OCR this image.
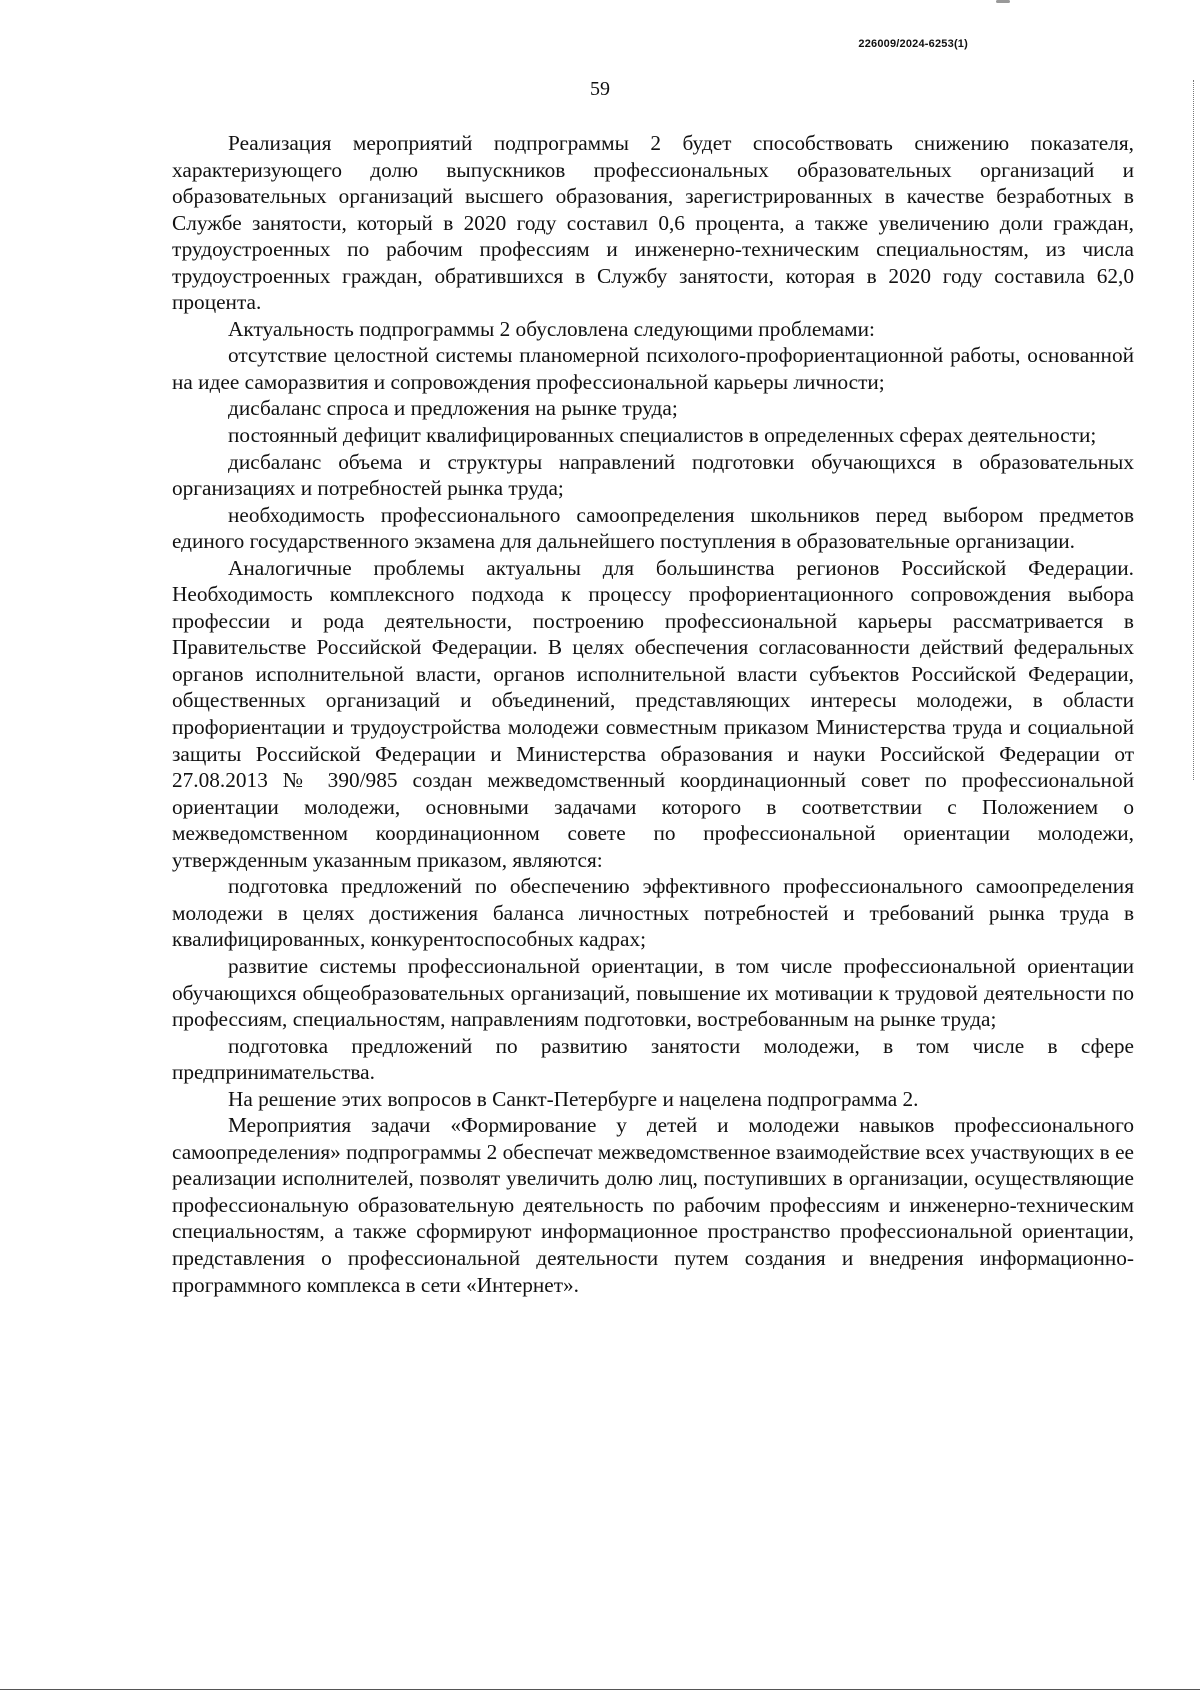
226009/2024-6253(1)
59

Реализация мероприятий подпрограммы 2 будет способствовать снижению показателя, характеризующего долю выпускников профессиональных образовательных организаций и образовательных организаций высшего образования, зарегистрированных в качестве безработных в Службе занятости, который в 2020 году составил 0,6 процента, а также увеличению доли граждан, трудоустроенных по рабочим профессиям и инженерно-техническим специальностям, из числа трудоустроенных граждан, обратившихся в Службу занятости, которая в 2020 году составила 62,0 процента.

Актуальность подпрограммы 2 обусловлена следующими проблемами:

отсутствие целостной системы планомерной психолого-профориентационной работы, основанной на идее саморазвития и сопровождения профессиональной карьеры личности;

дисбаланс спроса и предложения на рынке труда;

постоянный дефицит квалифицированных специалистов в определенных сферах деятельности;

дисбаланс объема и структуры направлений подготовки обучающихся в образовательных организациях и потребностей рынка труда;

необходимость профессионального самоопределения школьников перед выбором предметов единого государственного экзамена для дальнейшего поступления в образовательные организации.

Аналогичные проблемы актуальны для большинства регионов Российской Федерации. Необходимость комплексного подхода к процессу профориентационного сопровождения выбора профессии и рода деятельности, построению профессиональной карьеры рассматривается в Правительстве Российской Федерации. В целях обеспечения согласованности действий федеральных органов исполнительной власти, органов исполнительной власти субъектов Российской Федерации, общественных организаций и объединений, представляющих интересы молодежи, в области профориентации и трудоустройства молодежи совместным приказом Министерства труда и социальной защиты Российской Федерации и Министерства образования и науки Российской Федерации от 27.08.2013 № 390/985 создан межведомственный координационный совет по профессиональной ориентации молодежи, основными задачами которого в соответствии с Положением о межведомственном координационном совете по профессиональной ориентации молодежи, утвержденным указанным приказом, являются:

подготовка предложений по обеспечению эффективного профессионального самоопределения молодежи в целях достижения баланса личностных потребностей и требований рынка труда в квалифицированных, конкурентоспособных кадрах;

развитие системы профессиональной ориентации, в том числе профессиональной ориентации обучающихся общеобразовательных организаций, повышение их мотивации к трудовой деятельности по профессиям, специальностям, направлениям подготовки, востребованным на рынке труда;

подготовка предложений по развитию занятости молодежи, в том числе в сфере предпринимательства.

На решение этих вопросов в Санкт-Петербурге и нацелена подпрограмма 2.

Мероприятия задачи «Формирование у детей и молодежи навыков профессионального самоопределения» подпрограммы 2 обеспечат межведомственное взаимодействие всех участвующих в ее реализации исполнителей, позволят увеличить долю лиц, поступивших в организации, осуществляющие профессиональную образовательную деятельность по рабочим профессиям и инженерно-техническим специальностям, а также сформируют информационное пространство профессиональной ориентации, представления о профессиональной деятельности путем создания и внедрения информационно-программного комплекса в сети «Интернет».
